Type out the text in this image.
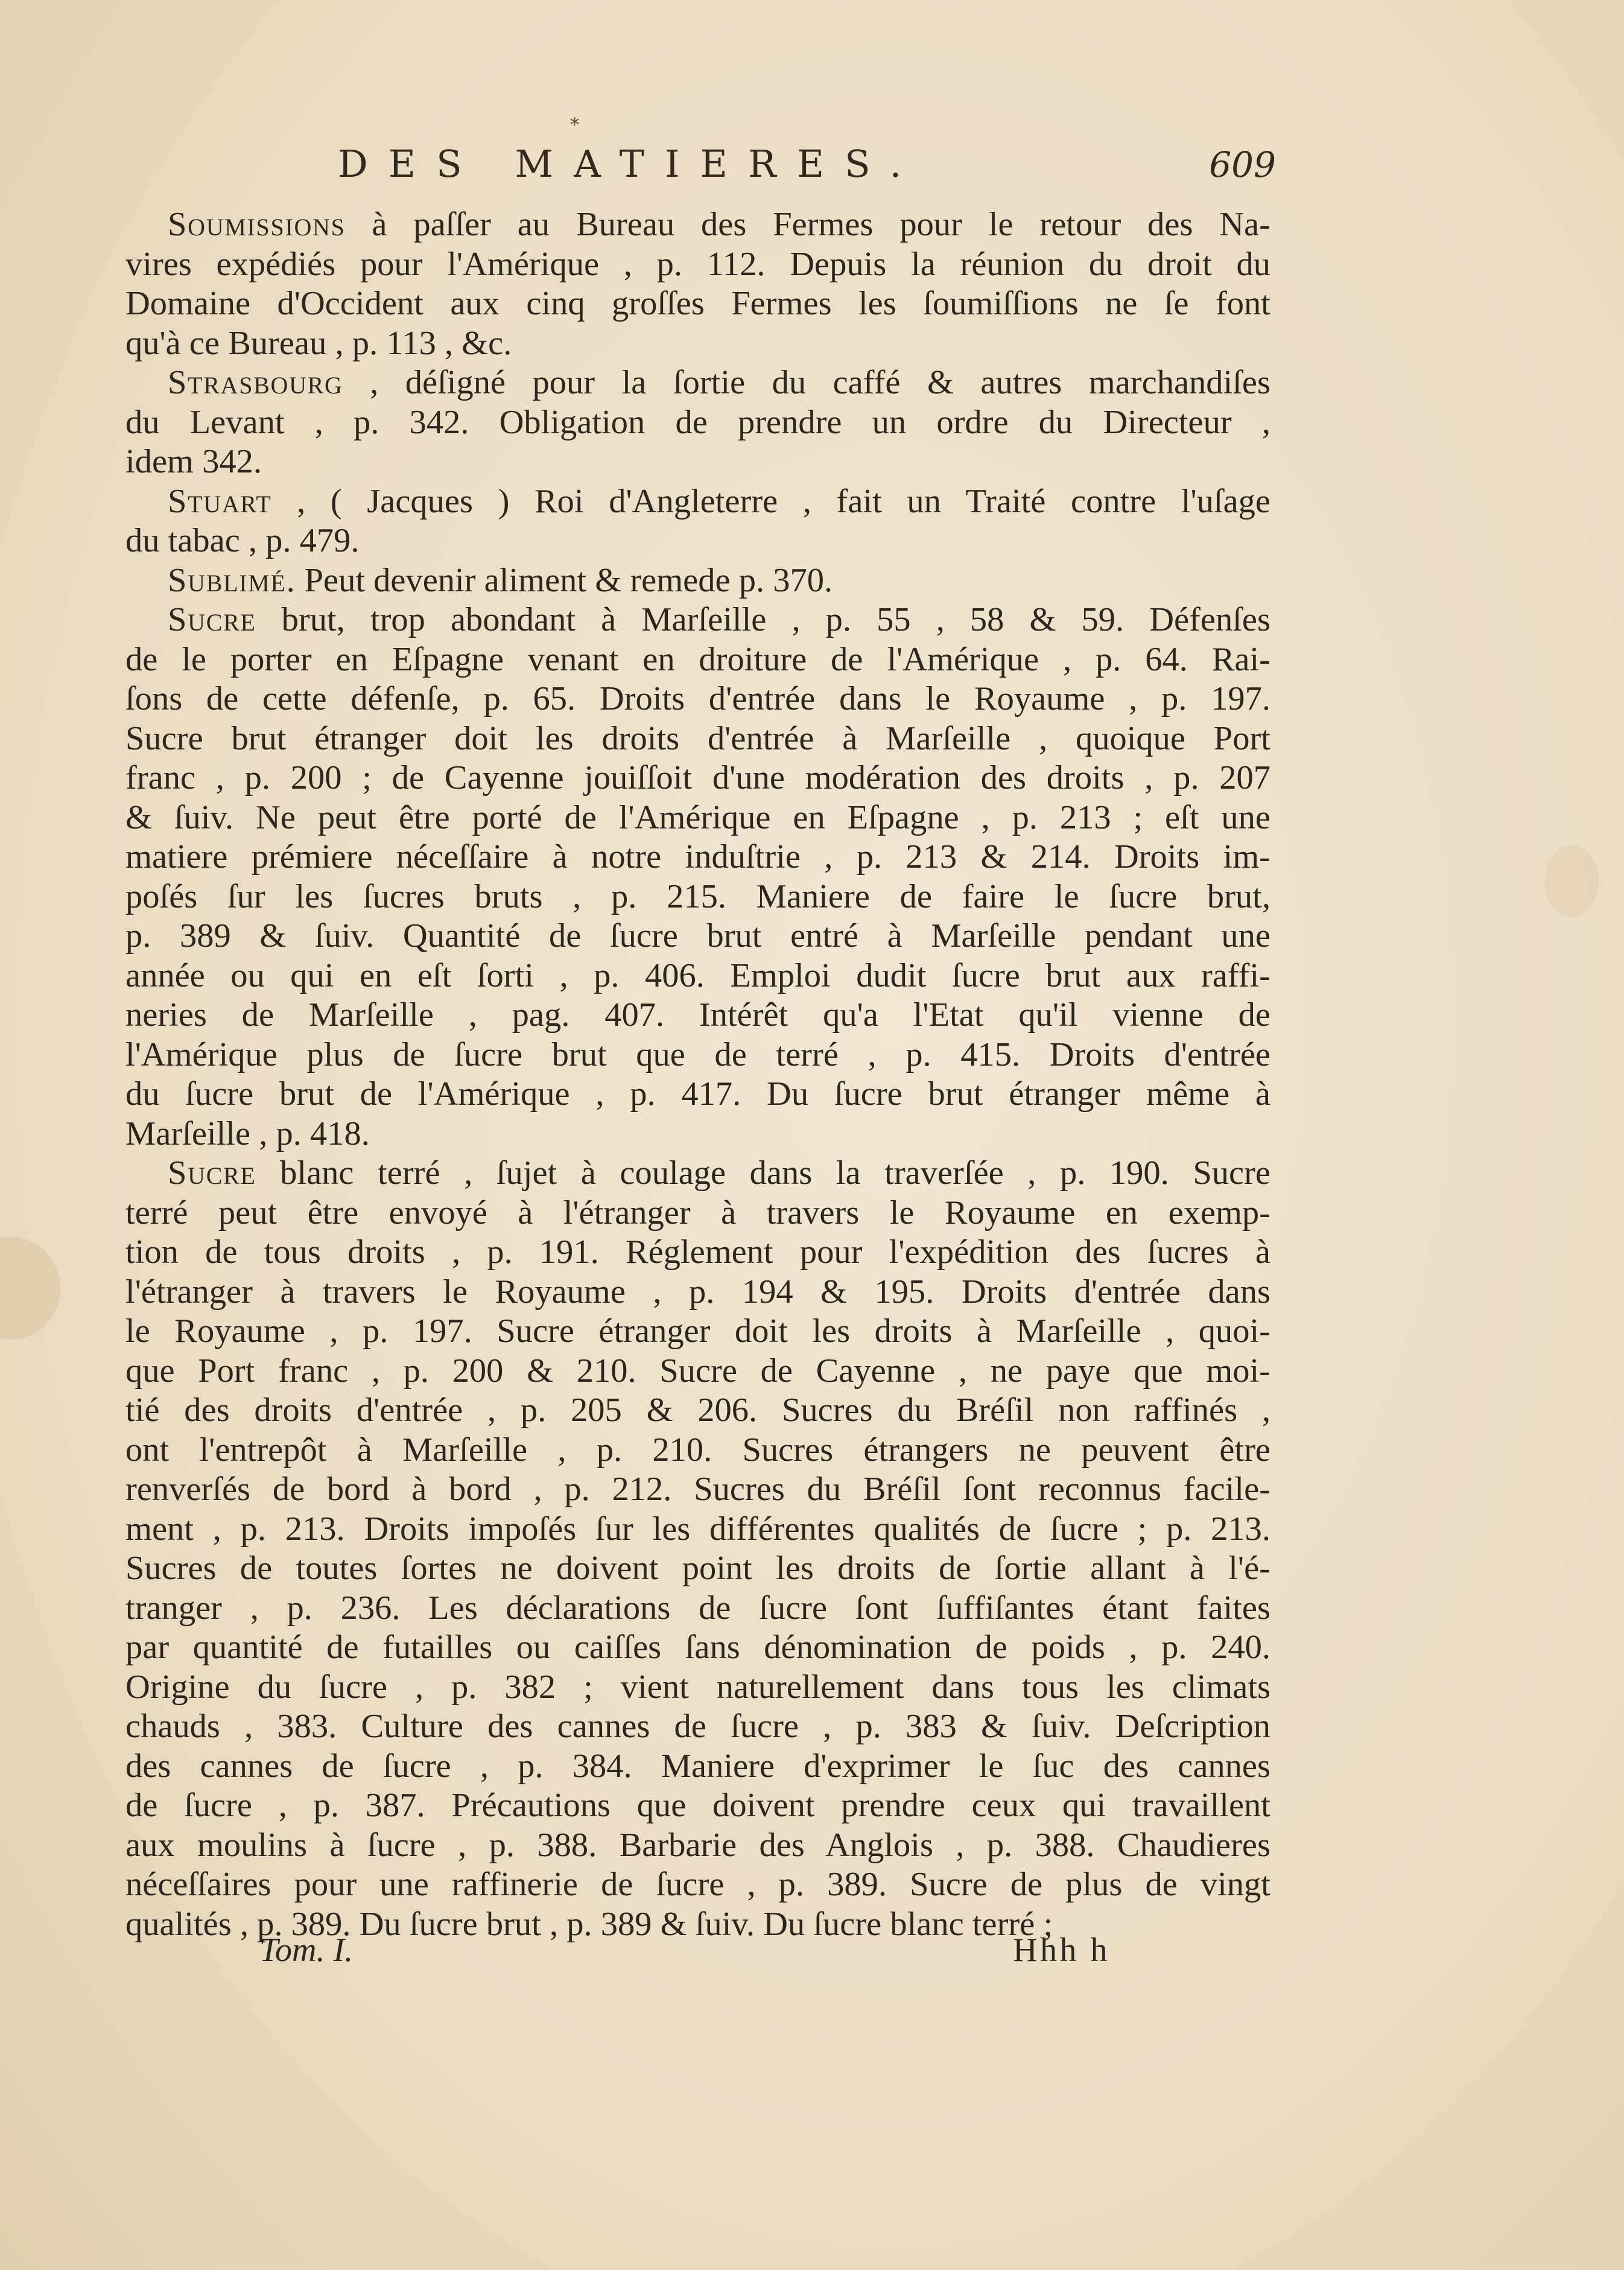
⁎
DES MATIERES.	609
Soumissions à paſſer au Bureau des Fermes pour le retour des Na-
vires expédiés pour l'Amérique , p. 112. Depuis la réunion du droit du
Domaine d'Occident aux cinq groſſes Fermes les ſoumiſſions ne ſe font
qu'à ce Bureau , p. 113 , &c.
Strasbourg , déſigné pour la ſortie du caffé & autres marchandiſes
du Levant , p. 342. Obligation de prendre un ordre du Directeur ,
idem 342.
Stuart , ( Jacques ) Roi d'Angleterre , fait un Traité contre l'uſage
du tabac , p. 479.
Sublimé. Peut devenir aliment & remede p. 370.
Sucre brut, trop abondant à Marſeille , p. 55 , 58 & 59. Défenſes
de le porter en Eſpagne venant en droiture de l'Amérique , p. 64. Rai-
ſons de cette défenſe, p. 65. Droits d'entrée dans le Royaume , p. 197.
Sucre brut étranger doit les droits d'entrée à Marſeille , quoique Port
franc , p. 200 ; de Cayenne jouiſſoit d'une modération des droits , p. 207
& ſuiv. Ne peut être porté de l'Amérique en Eſpagne , p. 213 ; eſt une
matiere prémiere néceſſaire à notre induſtrie , p. 213 & 214. Droits im-
poſés ſur les ſucres bruts , p. 215. Maniere de faire le ſucre brut,
p. 389 & ſuiv. Quantité de ſucre brut entré à Marſeille pendant une
année ou qui en eſt ſorti , p. 406. Emploi dudit ſucre brut aux raffi-
neries de Marſeille , pag. 407. Intérêt qu'a l'Etat qu'il vienne de
l'Amérique plus de ſucre brut que de terré , p. 415. Droits d'entrée
du ſucre brut de l'Amérique , p. 417. Du ſucre brut étranger même à
Marſeille , p. 418.
Sucre blanc terré , ſujet à coulage dans la traverſée , p. 190. Sucre
terré peut être envoyé à l'étranger à travers le Royaume en exemp-
tion de tous droits , p. 191. Réglement pour l'expédition des ſucres à
l'étranger à travers le Royaume , p. 194 & 195. Droits d'entrée dans
le Royaume , p. 197. Sucre étranger doit les droits à Marſeille , quoi-
que Port franc , p. 200 & 210. Sucre de Cayenne , ne paye que moi-
tié des droits d'entrée , p. 205 & 206. Sucres du Bréſil non raffinés ,
ont l'entrepôt à Marſeille , p. 210. Sucres étrangers ne peuvent être
renverſés de bord à bord , p. 212. Sucres du Bréſil ſont reconnus facile-
ment , p. 213. Droits impoſés ſur les différentes qualités de ſucre ; p. 213.
Sucres de toutes ſortes ne doivent point les droits de ſortie allant à l'é-
tranger , p. 236. Les déclarations de ſucre ſont ſuffiſantes étant faites
par quantité de futailles ou caiſſes ſans dénomination de poids , p. 240.
Origine du ſucre , p. 382 ; vient naturellement dans tous les climats
chauds , 383. Culture des cannes de ſucre , p. 383 & ſuiv. Deſcription
des cannes de ſucre , p. 384. Maniere d'exprimer le ſuc des cannes
de ſucre , p. 387. Précautions que doivent prendre ceux qui travaillent
aux moulins à ſucre , p. 388. Barbarie des Anglois , p. 388. Chaudieres
néceſſaires pour une raffinerie de ſucre , p. 389. Sucre de plus de vingt
qualités , p. 389. Du ſucre brut , p. 389 & ſuiv. Du ſucre blanc terré ;
Tom. I.	Hhh h
